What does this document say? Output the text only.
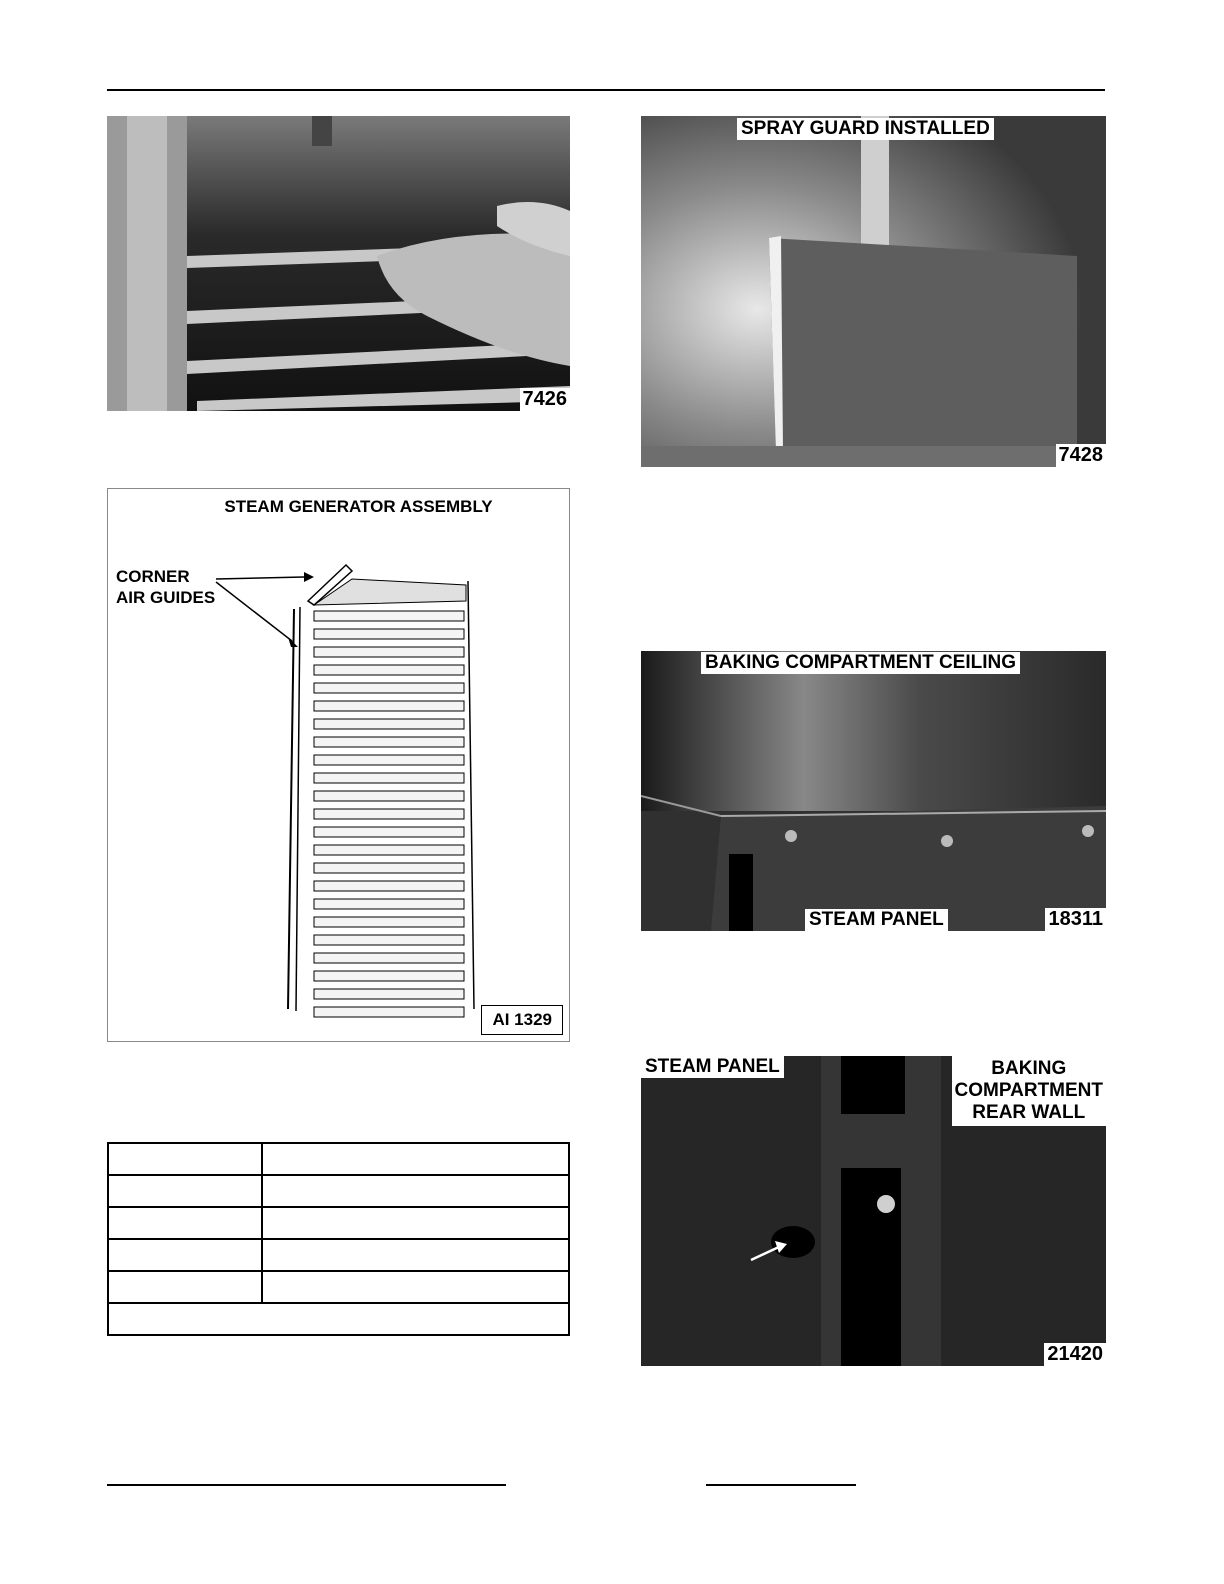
7426
SPRAY GUARD INSTALLED
7428
STEAM GENERATOR ASSEMBLY
CORNER
AIR GUIDES
AI 1329
BAKING COMPARTMENT CEILING
STEAM PANEL	18311
STEAM PANEL	BAKING
COMPARTMENT
REAR WALL
21420
